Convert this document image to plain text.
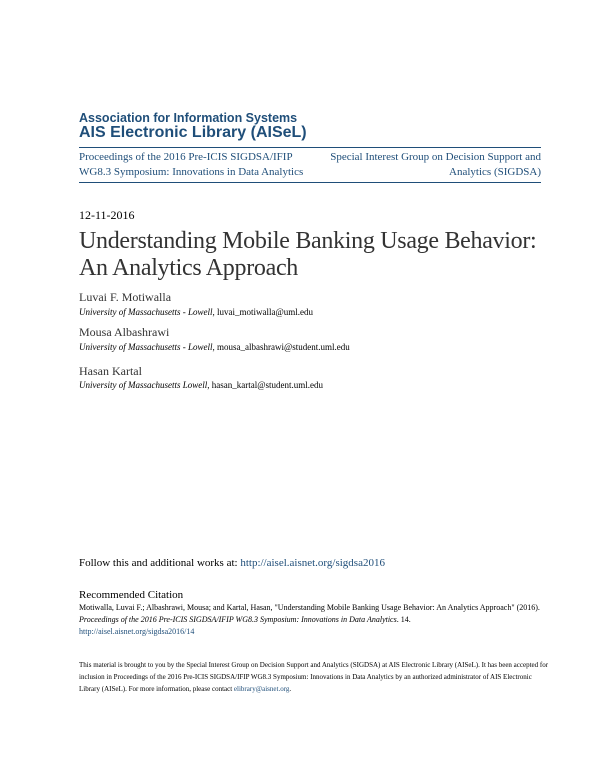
Association for Information Systems
AIS Electronic Library (AISeL)
Proceedings of the 2016 Pre-ICIS SIGDSA/IFIP
WG8.3 Symposium: Innovations in Data Analytics
Special Interest Group on Decision Support and
Analytics (SIGDSA)
12-11-2016
Understanding Mobile Banking Usage Behavior:
An Analytics Approach
Luvai F. Motiwalla
University of Massachusetts - Lowell, luvai_motiwalla@uml.edu
Mousa Albashrawi
University of Massachusetts - Lowell, mousa_albashrawi@student.uml.edu
Hasan Kartal
University of Massachusetts Lowell, hasan_kartal@student.uml.edu
Follow this and additional works at: http://aisel.aisnet.org/sigdsa2016
Recommended Citation
Motiwalla, Luvai F.; Albashrawi, Mousa; and Kartal, Hasan, "Understanding Mobile Banking Usage Behavior: An Analytics Approach" (2016). Proceedings of the 2016 Pre-ICIS SIGDSA/IFIP WG8.3 Symposium: Innovations in Data Analytics. 14.
http://aisel.aisnet.org/sigdsa2016/14
This material is brought to you by the Special Interest Group on Decision Support and Analytics (SIGDSA) at AIS Electronic Library (AISeL). It has been accepted for inclusion in Proceedings of the 2016 Pre-ICIS SIGDSA/IFIP WG8.3 Symposium: Innovations in Data Analytics by an authorized administrator of AIS Electronic Library (AISeL). For more information, please contact elibrary@aisnet.org.
